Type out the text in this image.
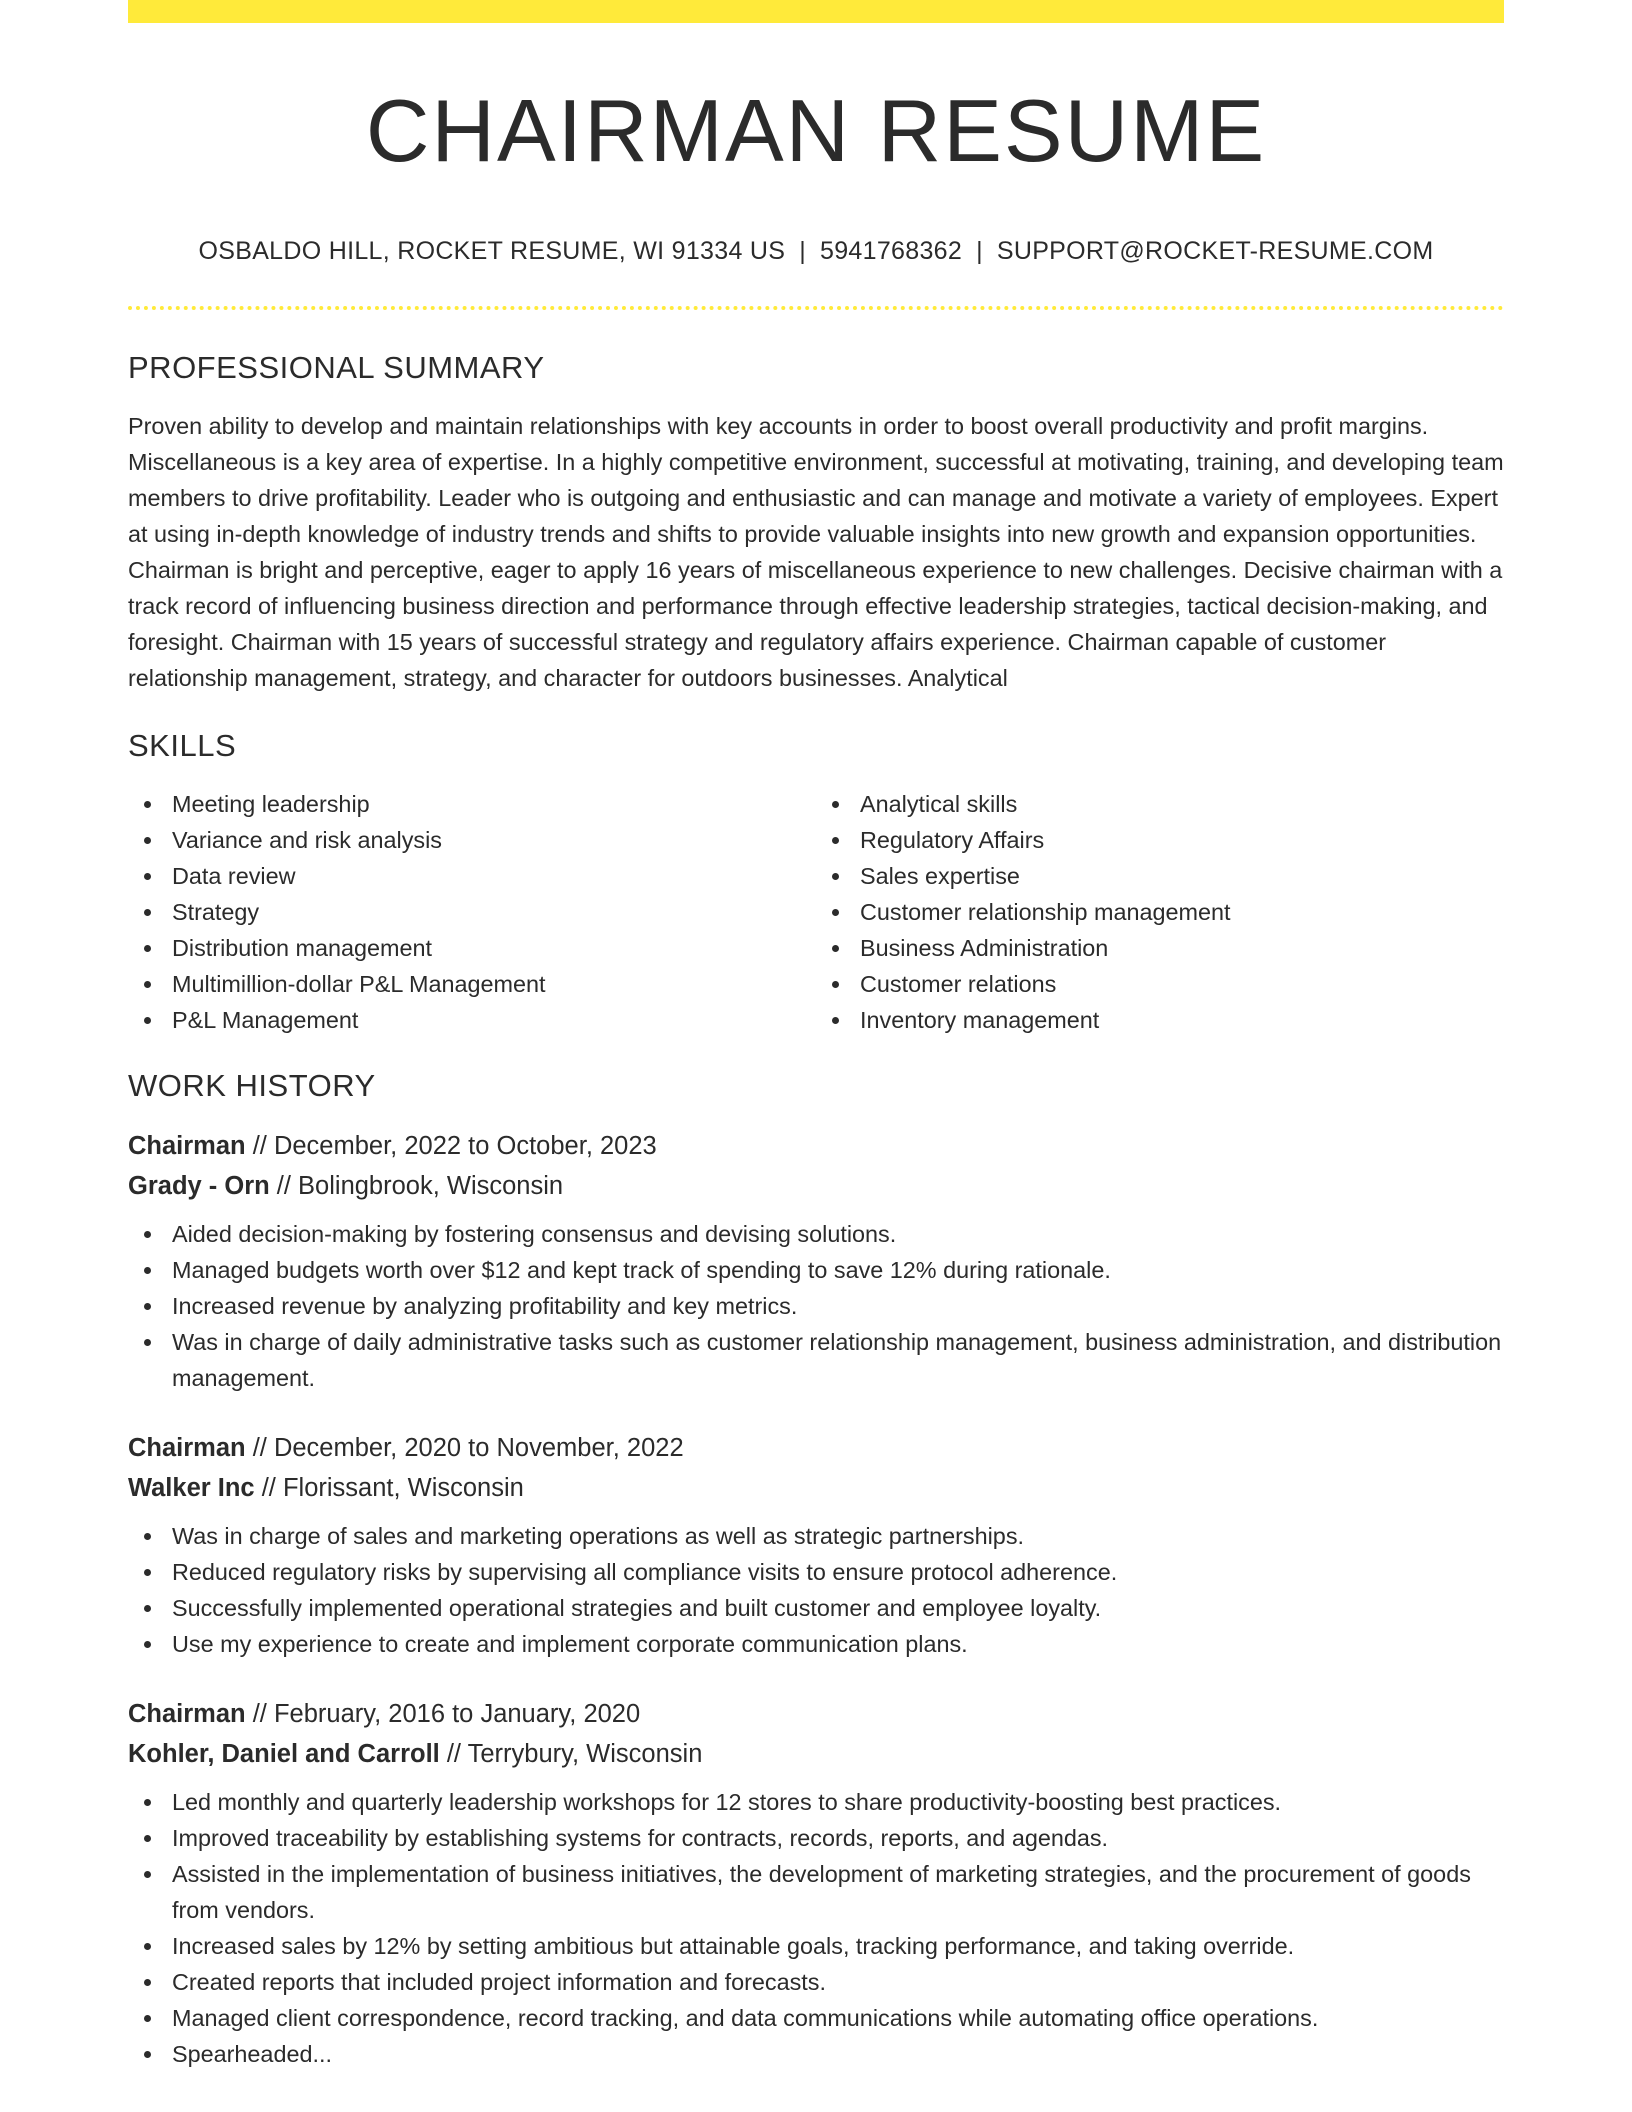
CHAIRMAN RESUME
OSBALDO HILL, ROCKET RESUME, WI 91334 US | 5941768362 | SUPPORT@ROCKET-RESUME.COM
PROFESSIONAL SUMMARY

Proven ability to develop and maintain relationships with key accounts in order to boost overall productivity and profit margins. Miscellaneous is a key area of expertise. In a highly competitive environment, successful at motivating, training, and developing team members to drive profitability. Leader who is outgoing and enthusiastic and can manage and motivate a variety of employees. Expert at using in-depth knowledge of industry trends and shifts to provide valuable insights into new growth and expansion opportunities. Chairman is bright and perceptive, eager to apply 16 years of miscellaneous experience to new challenges. Decisive chairman with a track record of influencing business direction and performance through effective leadership strategies, tactical decision-making, and foresight. Chairman with 15 years of successful strategy and regulatory affairs experience. Chairman capable of customer relationship management, strategy, and character for outdoors businesses. Analytical

SKILLS
Meeting leadership
Variance and risk analysis
Data review
Strategy
Distribution management
Multimillion-dollar P&L Management
P&L Management
Analytical skills
Regulatory Affairs
Sales expertise
Customer relationship management
Business Administration
Customer relations
Inventory management
WORK HISTORY
Chairman // December, 2022 to October, 2023
Grady - Orn // Bolingbrook, Wisconsin
Aided decision-making by fostering consensus and devising solutions.
Managed budgets worth over $12 and kept track of spending to save 12% during rationale.
Increased revenue by analyzing profitability and key metrics.
Was in charge of daily administrative tasks such as customer relationship management, business administration, and distribution management.
Chairman // December, 2020 to November, 2022
Walker Inc // Florissant, Wisconsin
Was in charge of sales and marketing operations as well as strategic partnerships.
Reduced regulatory risks by supervising all compliance visits to ensure protocol adherence.
Successfully implemented operational strategies and built customer and employee loyalty.
Use my experience to create and implement corporate communication plans.
Chairman // February, 2016 to January, 2020
Kohler, Daniel and Carroll // Terrybury, Wisconsin
Led monthly and quarterly leadership workshops for 12 stores to share productivity-boosting best practices.
Improved traceability by establishing systems for contracts, records, reports, and agendas.
Assisted in the implementation of business initiatives, the development of marketing strategies, and the procurement of goods from vendors.
Increased sales by 12% by setting ambitious but attainable goals, tracking performance, and taking override.
Created reports that included project information and forecasts.
Managed client correspondence, record tracking, and data communications while automating office operations.
Spearheaded...
